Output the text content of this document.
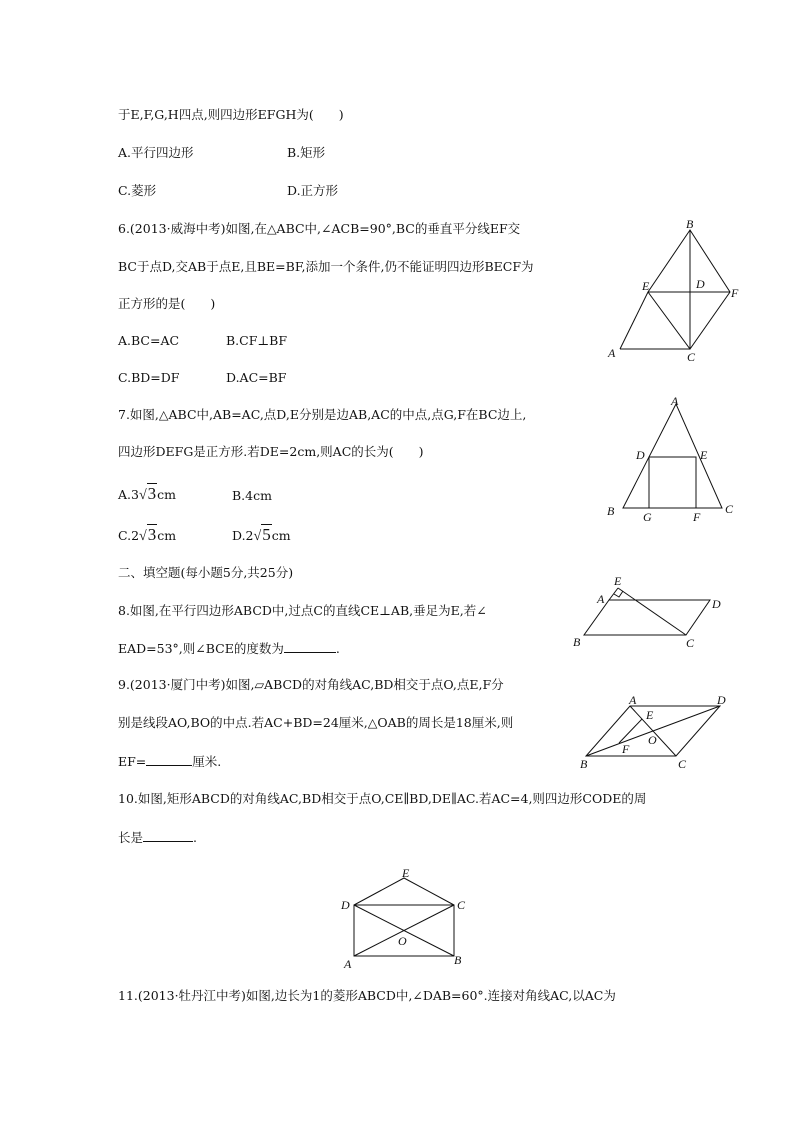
于E,F,G,H四点,则四边形EFGH为(　　)
A.平行四边形	B.矩形
C.菱形	D.正方形
6.(2013·威海中考)如图,在△ABC中,∠ACB=90°,BC的垂直平分线EF交
BC于点D,交AB于点E,且BE=BF,添加一个条件,仍不能证明四边形BECF为
正方形的是(　　)
A.BC=AC	B.CF⊥BF
C.BD=DF	D.AC=BF
B
E	D
F
A	C
7.如图,△ABC中,AB=AC,点D,E分别是边AB,AC的中点,点G,F在BC边上,
四边形DEFG是正方形.若DE=2cm,则AC的长为(　　)
A.3√3cm	B.4cm
C.2√3cm	D.2√5cm
A
D	E
B G	F
C
二、填空题(每小题5分,共25分)
8.如图,在平行四边形ABCD中,过点C的直线CE⊥AB,垂足为E,若∠
EAD=53°,则∠BCE的度数为	.
E
A	D
B	C
9.(2013·厦门中考)如图,▱ABCD的对角线AC,BD相交于点O,点E,F分
别是线段AO,BO的中点.若AC+BD=24厘米,△OAB的周长是18厘米,则
EF=	厘米.
A	D
E
O
F
B	C
10.如图,矩形ABCD的对角线AC,BD相交于点O,CE∥BD,DE∥AC.若AC=4,则四边形CODE的周
长是	.
E
D	C
O
A	B
11.(2013·牡丹江中考)如图,边长为1的菱形ABCD中,∠DAB=60°.连接对角线AC,以AC为
